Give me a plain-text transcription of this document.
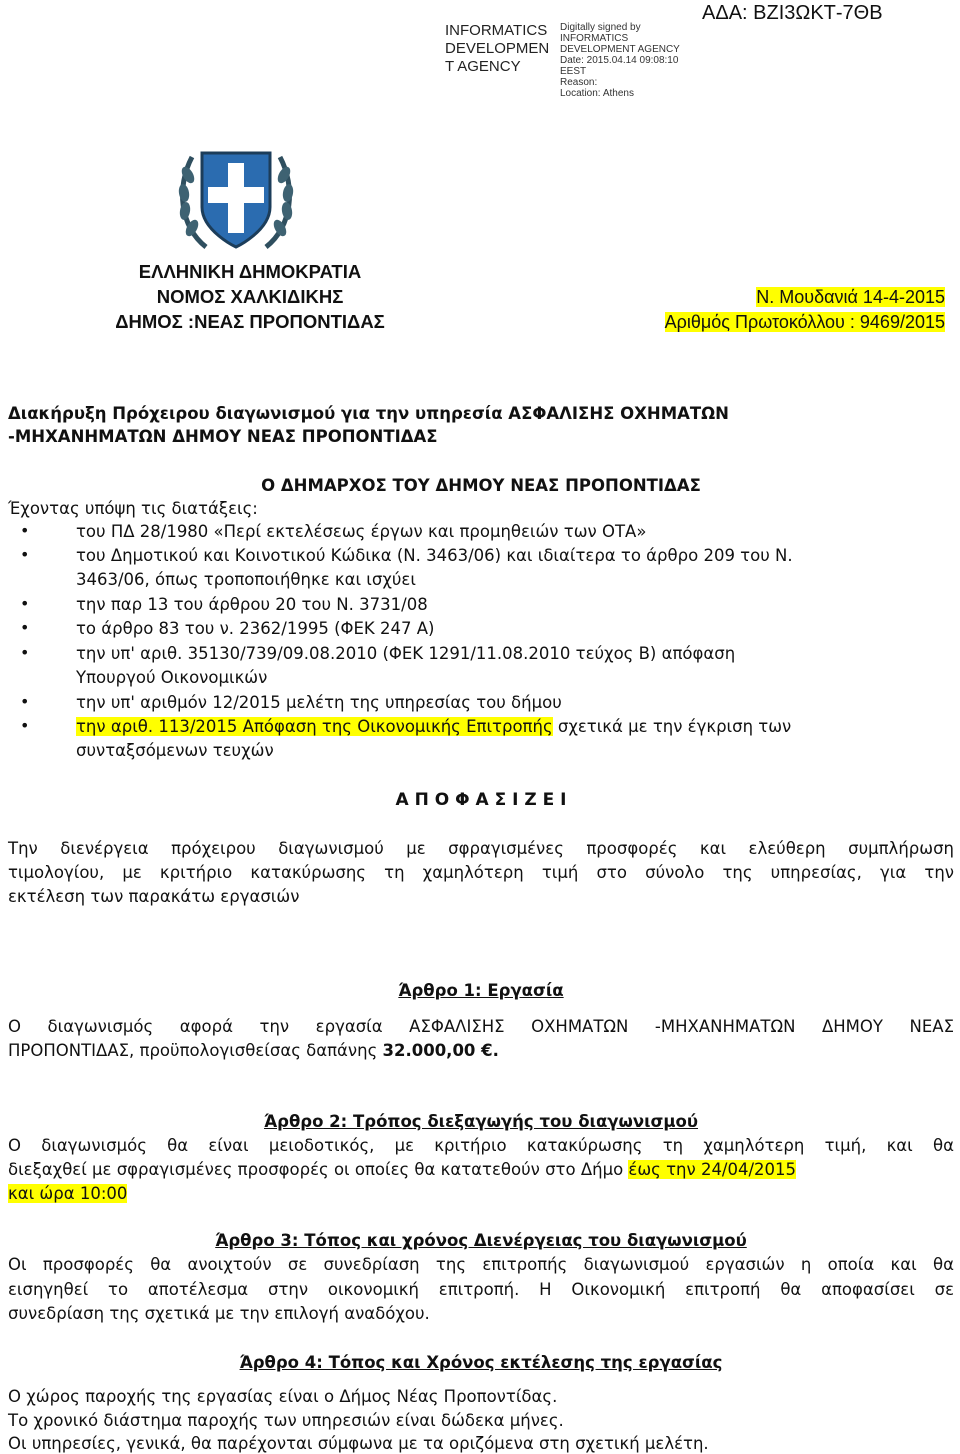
INFORMATICS DEVELOPMEN T AGENCY
Digitally signed by
INFORMATICS
DEVELOPMENT AGENCY
Date: 2015.04.14 09:08:10
EEST
Reason:
Location: Athens
ΑΔΑ: ΒΖΙ3ΩΚΤ-7ΘΒ
ΕΛΛΗΝΙΚΗ ΔΗΜΟΚΡΑΤΙΑ
ΝΟΜΟΣ ΧΑΛΚΙΔΙΚΗΣ
ΔΗΜΟΣ :ΝΕΑΣ ΠΡΟΠΟΝΤΙΔΑΣ
Ν. Μουδανιά 14-4-2015
Αριθμός Πρωτοκόλλου : 9469/2015
Διακήρυξη Πρόχειρου διαγωνισμού για την υπηρεσία ΑΣΦΑΛΙΣΗΣ ΟΧΗΜΑΤΩΝ
-ΜΗΧΑΝΗΜΑΤΩΝ ΔΗΜΟΥ ΝΕΑΣ ΠΡΟΠΟΝΤΙΔΑΣ
Ο ΔΗΜΑΡΧΟΣ ΤΟΥ ΔΗΜΟΥ ΝΕΑΣ ΠΡΟΠΟΝΤΙΔΑΣ
Έχοντας υπόψη τις διατάξεις:
•	του ΠΔ 28/1980 «Περί εκτελέσεως έργων και προμηθειών των ΟΤΑ»
•	του Δημοτικού και Κοινοτικού Κώδικα (Ν. 3463/06) και ιδιαίτερα το άρθρο 209 του Ν.
3463/06, όπως τροποποιήθηκε και ισχύει
•	την παρ 13 του άρθρου 20 του Ν. 3731/08
•	το άρθρο 83 του ν. 2362/1995 (ΦΕΚ 247 Α)
•	την υπ' αριθ. 35130/739/09.08.2010 (ΦΕΚ 1291/11.08.2010 τεύχος Β) απόφαση
Υπουργού Οικονομικών
•	την υπ' αριθμόν 12/2015 μελέτη της υπηρεσίας του δήμου
•	την αριθ. 113/2015 Απόφαση της Οικονομικής Επιτροπής σχετικά με την έγκριση των
συνταξσόμενων τευχών
Α Π Ο Φ Α Σ Ι Ζ Ε Ι
Την διενέργεια πρόχειρου διαγωνισμού με σφραγισμένες προσφορές και ελεύθερη συμπλήρωση
τιμολογίου, με κριτήριο κατακύρωσης τη χαμηλότερη τιμή στο σύνολο της υπηρεσίας, για την
εκτέλεση των παρακάτω εργασιών
Άρθρο 1: Εργασία
Ο διαγωνισμός αφορά την εργασία ΑΣΦΑΛΙΣΗΣ ΟΧΗΜΑΤΩΝ -ΜΗΧΑΝΗΜΑΤΩΝ ΔΗΜΟΥ ΝΕΑΣ
ΠΡΟΠΟΝΤΙΔΑΣ, προϋπολογισθείσας δαπάνης 32.000,00 €.
Άρθρο 2: Τρόπος διεξαγωγής του διαγωνισμού
Ο διαγωνισμός θα είναι μειοδοτικός, με κριτήριο κατακύρωσης τη χαμηλότερη τιμή, και θα
διεξαχθεί με σφραγισμένες προσφορές οι οποίες θα κατατεθούν στο Δήμο έως την 24/04/2015
και ώρα 10:00
Άρθρο 3: Τόπος και χρόνος Διενέργειας του διαγωνισμού
Οι προσφορές θα ανοιχτούν σε συνεδρίαση της επιτροπής διαγωνισμού εργασιών η οποία και θα
εισηγηθεί το αποτέλεσμα στην οικονομική επιτροπή. Η Οικονομική επιτροπή θα αποφασίσει σε
συνεδρίαση της σχετικά με την επιλογή αναδόχου.
Άρθρο 4: Τόπος και Χρόνος εκτέλεσης της εργασίας
Ο χώρος παροχής της εργασίας είναι ο Δήμος Νέας Προποντίδας.
Το χρονικό διάστημα παροχής των υπηρεσιών είναι δώδεκα μήνες.
Οι υπηρεσίες, γενικά, θα παρέχονται σύμφωνα με τα οριζόμενα στη σχετική μελέτη.
